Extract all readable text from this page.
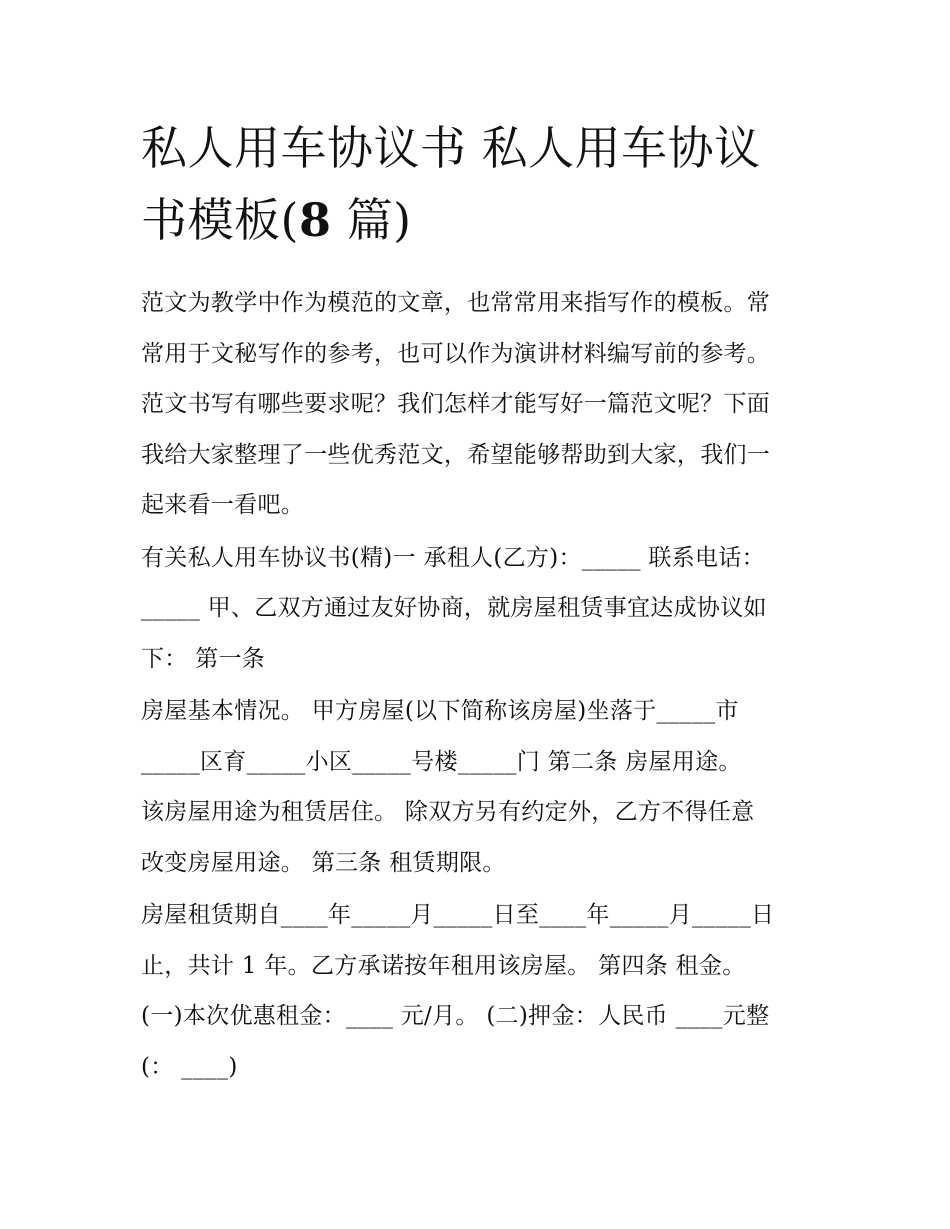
私人用车协议书 私人用车协议
书模板(8 篇)

范文为教学中作为模范的文章，也常常用来指写作的模板。常
常用于文秘写作的参考，也可以作为演讲材料编写前的参考。
范文书写有哪些要求呢？我们怎样才能写好一篇范文呢？下面
我给大家整理了一些优秀范文，希望能够帮助到大家，我们一
起来看一看吧。

有关私人用车协议书(精)一 承租人(乙方)：_____ 联系电话：
_____ 甲、乙双方通过友好协商，就房屋租赁事宜达成协议如
下： 第一条

房屋基本情况。 甲方房屋(以下简称该房屋)坐落于_____市
_____区育_____小区_____号楼_____门 第二条 房屋用途。
该房屋用途为租赁居住。 除双方另有约定外，乙方不得任意
改变房屋用途。 第三条 租赁期限。

房屋租赁期自____年_____月_____日至____年_____月_____日
止，共计 1 年。乙方承诺按年租用该房屋。 第四条 租金。
(一)本次优惠租金：____ 元/月。 (二)押金：人民币 ____元整
(： ____)
